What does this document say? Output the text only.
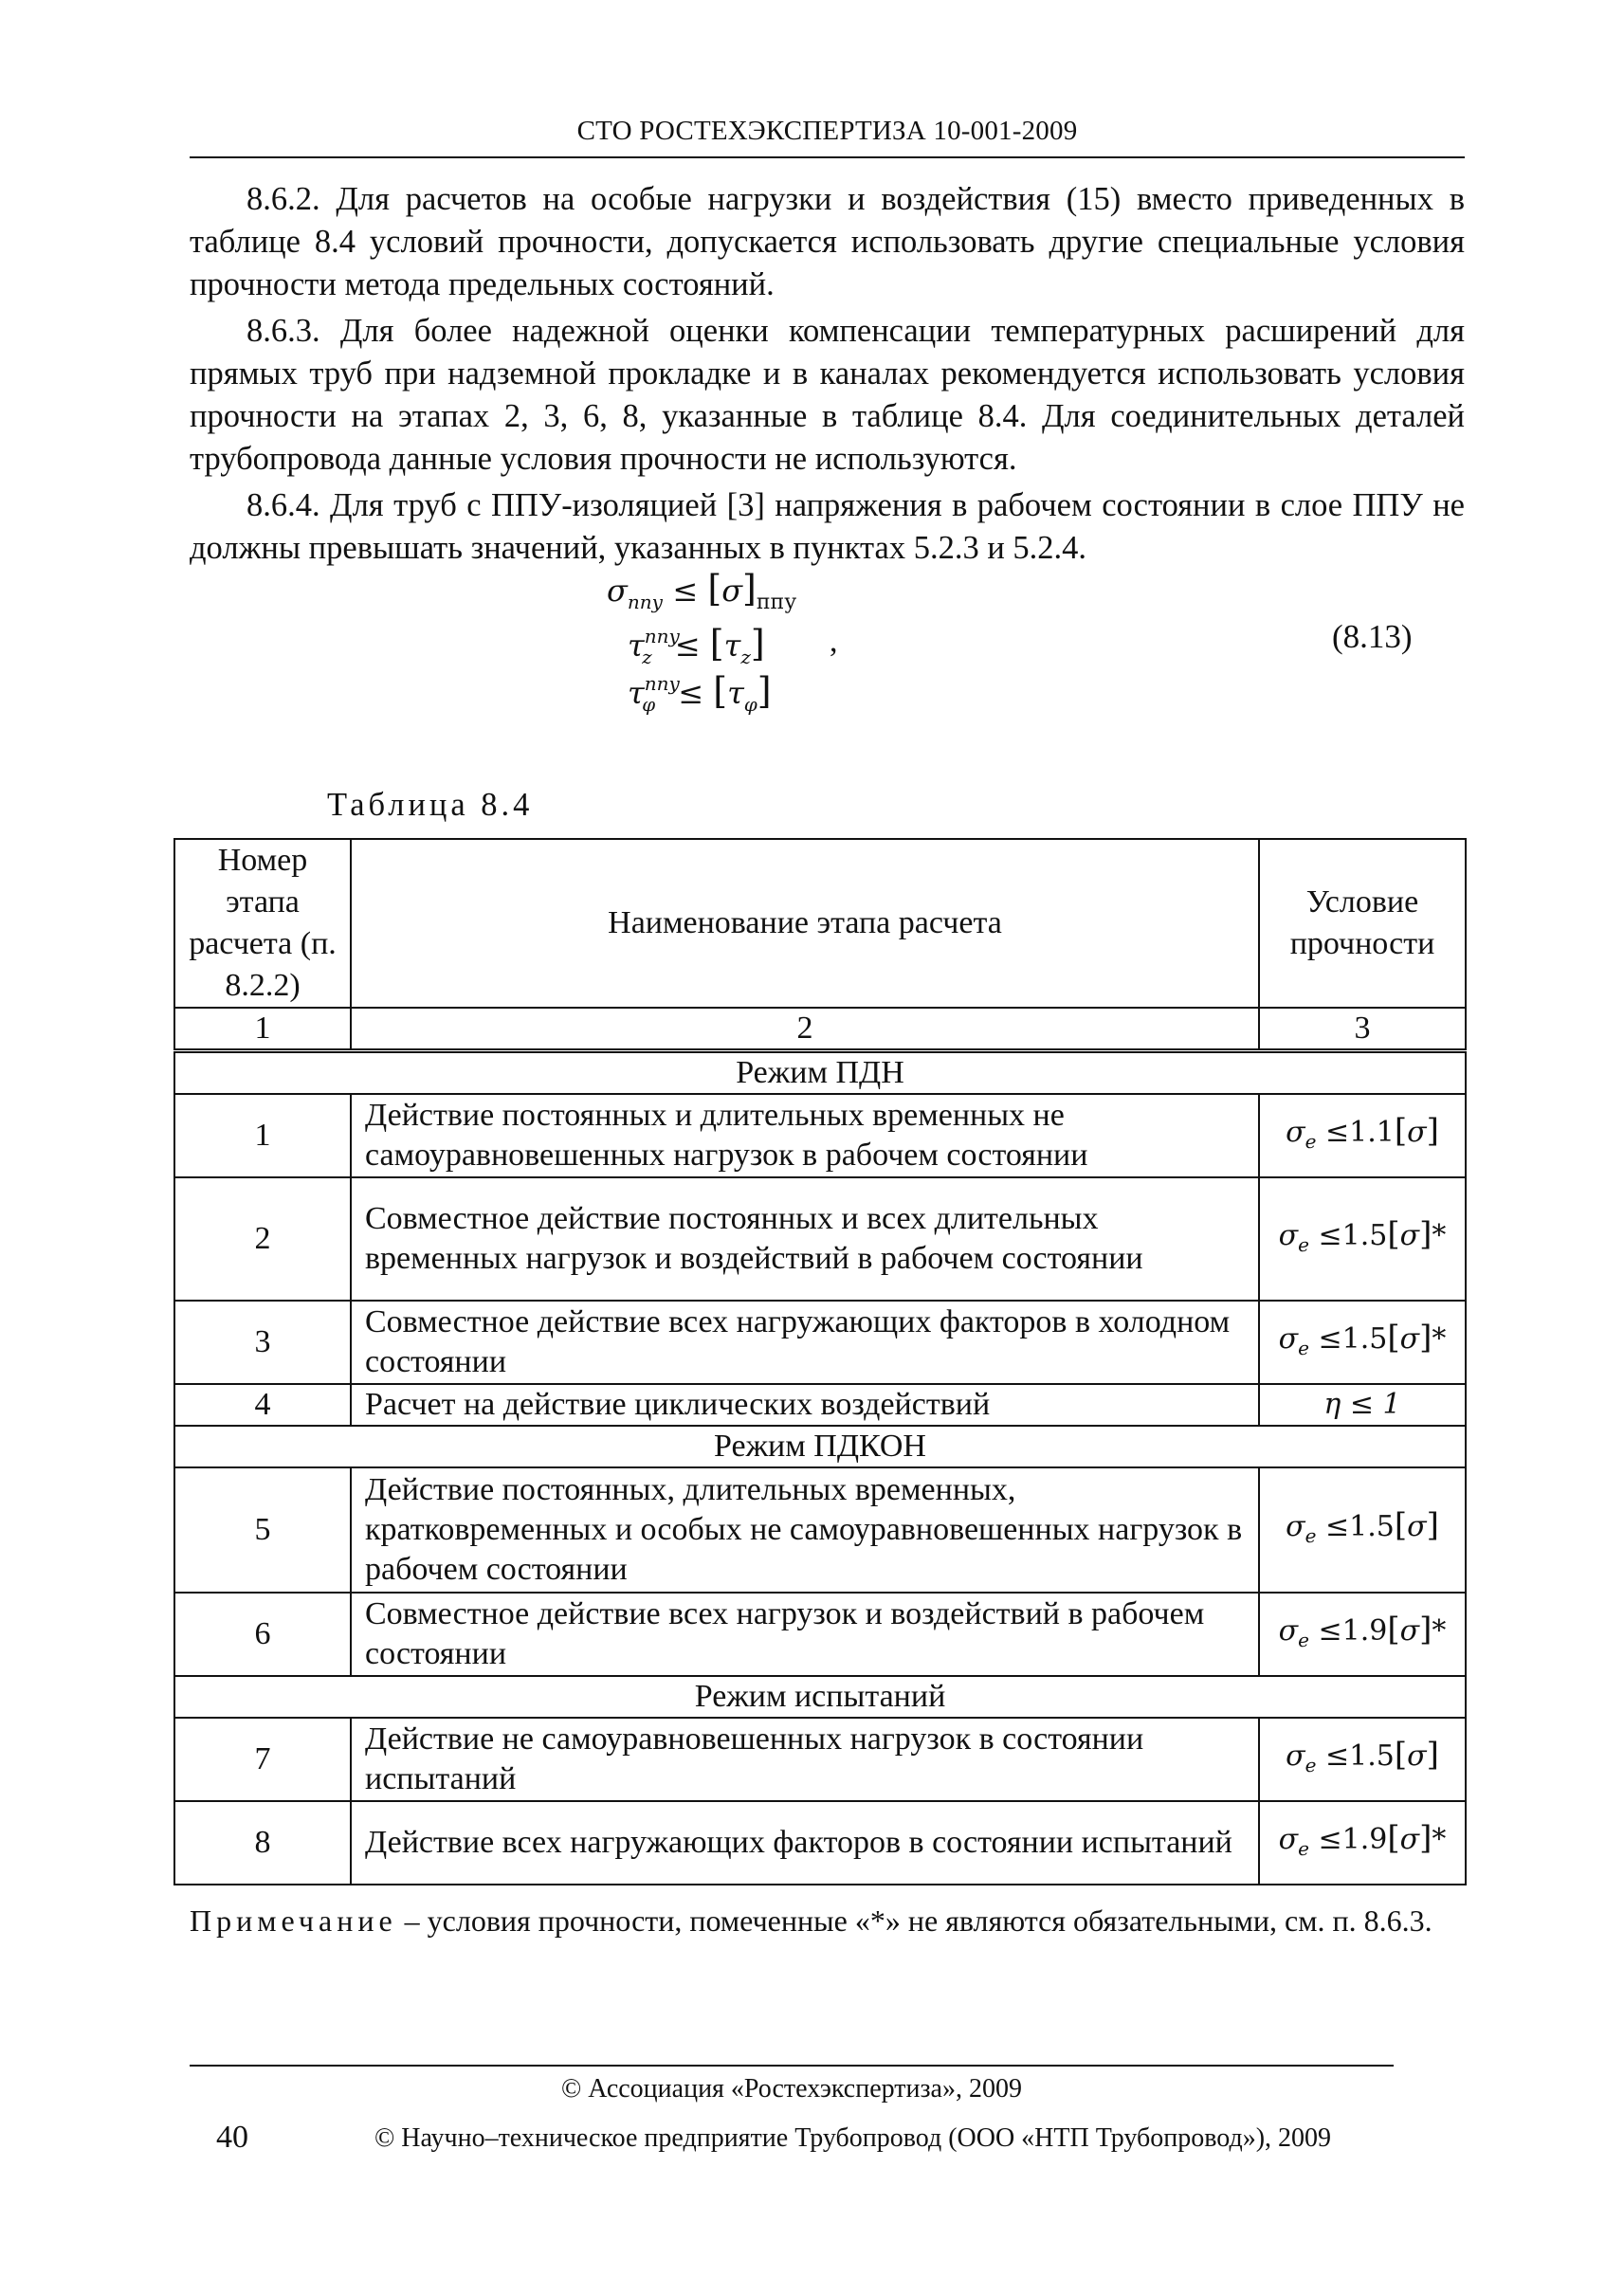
СТО РОСТЕХЭКСПЕРТИЗА 10-001-2009

8.6.2. Для расчетов на особые нагрузки и воздействия (15) вместо приведенных в таблице 8.4 условий прочности, допускается использовать другие специальные условия прочности метода предельных состояний.

8.6.3. Для более надежной оценки компенсации температурных расширений для прямых труб при надземной прокладке и в каналах рекомендуется использовать условия прочности на этапах 2, 3, 6, 8, указанные в таблице 8.4. Для соединительных деталей трубопровода данные условия прочности не используются.

8.6.4. Для труб с ППУ-изоляцией [3] напряжения в рабочем состоянии в слое ППУ не должны превышать значений, указанных в пунктах 5.2.3 и 5.2.4.

$\sigma_{ппу} \le [\sigma]_{ппу}$
$\tau^{ппу}_z \le [\tau_z]$
$\tau^{ппу}_\varphi \le [\tau_\varphi]$
,	(8.13)
Таблица 8.4
Номер этапа расчета (п. 8.2.2)	Наименование этапа расчета	Условие прочности
1	2	3
Режим ПДН		
1	Действие постоянных и длительных временных не самоуравновешенных нагрузок в рабочем состоянии	$\sigma_e \le 1.1[\sigma]$
2	Совместное действие постоянных и всех длительных временных нагрузок и воздействий в рабочем состоянии	$\sigma_e \le 1.5[\sigma]*$
3	Совместное действие всех нагружающих факторов в холодном состоянии	$\sigma_e \le 1.5[\sigma]*$
4	Расчет на действие циклических воздействий	η ≤ 1
Режим ПДКОН		
5	Действие постоянных, длительных временных, кратковременных и особых не самоуравновешенных нагрузок в рабочем состоянии	$\sigma_e \le 1.5[\sigma]$
6	Совместное действие всех нагрузок и воздействий в рабочем состоянии	$\sigma_e \le 1.9[\sigma]*$
Режим испытаний		
7	Действие не самоуравновешенных нагрузок в состоянии испытаний	$\sigma_e \le 1.5[\sigma]$
8	Действие всех нагружающих факторов в состоянии испытаний	$\sigma_e \le 1.9[\sigma]*$
Примечание – условия прочности, помеченные «*» не являются обязательными, см. п. 8.6.3.
© Ассоциация «Ростехэкспертиза», 2009
40	© Научно–техническое предприятие Трубопровод (ООО «НТП Трубопровод»), 2009
